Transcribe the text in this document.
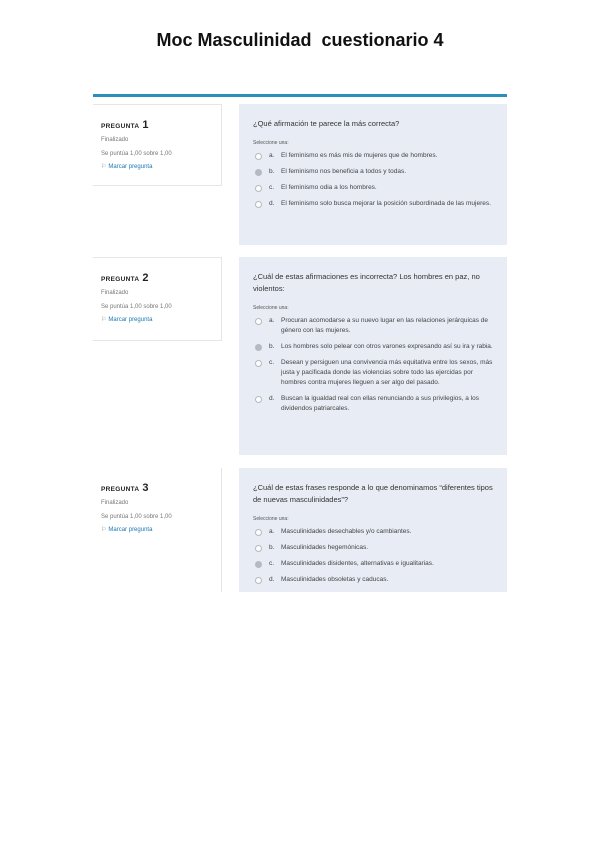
Moc Masculinidad  cuestionario 4
PREGUNTA 1
Finalizado
Se puntúa 1,00 sobre 1,00
⚐ Marcar pregunta
¿Qué afirmación te parece la más correcta?
Seleccione una:
a.	El feminismo es más mis de mujeres que de hombres.
b.	El feminismo nos beneficia a todos y todas.
c.	El feminismo odia a los hombres.
d.	El feminismo solo busca mejorar la posición subordinada de las mujeres.
PREGUNTA 2
Finalizado
Se puntúa 1,00 sobre 1,00
⚐ Marcar pregunta
¿Cuál de estas afirmaciones es incorrecta? Los hombres en paz, no violentos:
Seleccione una:
a.	Procuran acomodarse a su nuevo lugar en las relaciones jerárquicas de género con las mujeres.
b.	Los hombres solo pelear con otros varones expresando así su ira y rabia.
c.	Desean y persiguen una convivencia más equitativa entre los sexos, más justa y pacificada donde las violencias sobre todo las ejercidas por hombres contra mujeres lleguen a ser algo del pasado.
d.	Buscan la igualdad real con ellas renunciando a sus privilegios, a los dividendos patriarcales.
PREGUNTA 3
Finalizado
Se puntúa 1,00 sobre 1,00
⚐ Marcar pregunta
¿Cuál de estas frases responde a lo que denominamos “diferentes tipos de nuevas masculinidades”?
Seleccione una:
a.	Masculinidades desechables y/o cambiantes.
b.	Masculinidades hegemónicas.
c.	Masculinidades disidentes, alternativas e igualitarias.
d.	Masculinidades obsoletas y caducas.
